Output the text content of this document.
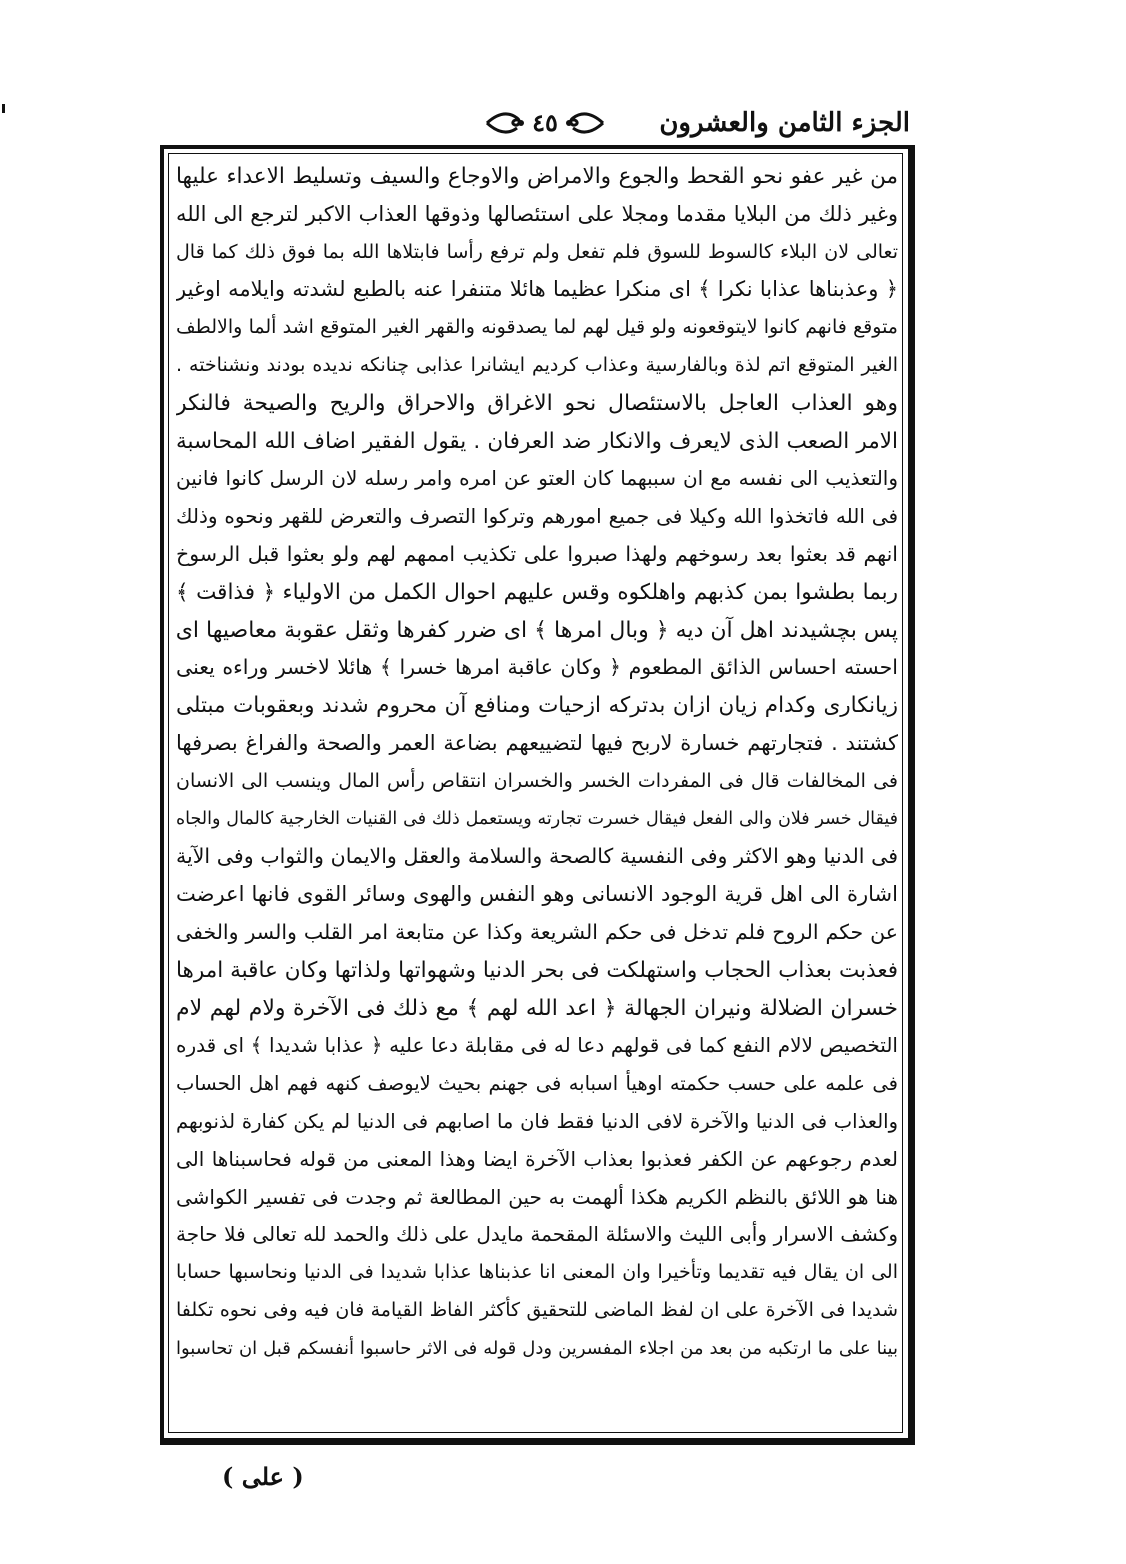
الجزء الثامن والعشرون
٤٥
من غير عفو نحو القحط والجوع والامراض والاوجاع والسيف وتسليط الاعداء عليها
وغير ذلك من البلايا مقدما ومجلا على استئصالها وذوقها العذاب الاكبر لترجع الى الله
تعالى لان البلاء كالسوط للسوق فلم تفعل ولم ترفع رأسا فابتلاها الله بما فوق ذلك كما قال
﴿ وعذبناها عذابا نكرا ﴾ اى منكرا عظيما هائلا متنفرا عنه بالطبع لشدته وايلامه اوغير
متوقع فانهم كانوا لايتوقعونه ولو قيل لهم لما يصدقونه والقهر الغير المتوقع اشد ألما والالطف
الغير المتوقع اتم لذة وبالفارسية وعذاب كرديم ايشانرا عذابى چنانكه نديده بودند ونشناخته .
وهو العذاب العاجل بالاستئصال نحو الاغراق والاحراق والريح والصيحة فالنكر
الامر الصعب الذى لايعرف والانكار ضد العرفان . يقول الفقير اضاف الله المحاسبة
والتعذيب الى نفسه مع ان سببهما كان العتو عن امره وامر رسله لان الرسل كانوا فانين
فى الله فاتخذوا الله وكيلا فى جميع امورهم وتركوا التصرف والتعرض للقهر ونحوه وذلك
انهم قد بعثوا بعد رسوخهم ولهذا صبروا على تكذيب اممهم لهم ولو بعثوا قبل الرسوخ
ربما بطشوا بمن كذبهم واهلكوه وقس عليهم احوال الكمل من الاولياء ﴿ فذاقت ﴾
پس بچشيدند اهل آن ديه ﴿ وبال امرها ﴾ اى ضرر كفرها وثقل عقوبة معاصيها اى
احسته احساس الذائق المطعوم ﴿ وكان عاقبة امرها خسرا ﴾ هائلا لاخسر وراءه يعنى
زيانكارى وكدام زيان ازان بدتركه ازحيات ومنافع آن محروم شدند وبعقوبات مبتلى
كشتند . فتجارتهم خسارة لاربح فيها لتضييعهم بضاعة العمر والصحة والفراغ بصرفها
فى المخالفات قال فى المفردات الخسر والخسران انتقاص رأس المال وينسب الى الانسان
فيقال خسر فلان والى الفعل فيقال خسرت تجارته ويستعمل ذلك فى القنيات الخارجية كالمال والجاه
فى الدنيا وهو الاكثر وفى النفسية كالصحة والسلامة والعقل والايمان والثواب وفى الآية
اشارة الى اهل قرية الوجود الانسانى وهو النفس والهوى وسائر القوى فانها اعرضت
عن حكم الروح فلم تدخل فى حكم الشريعة وكذا عن متابعة امر القلب والسر والخفى
فعذبت بعذاب الحجاب واستهلكت فى بحر الدنيا وشهواتها ولذاتها وكان عاقبة امرها
خسران الضلالة ونيران الجهالة ﴿ اعد الله لهم ﴾ مع ذلك فى الآخرة ولام لهم لام
التخصيص لالام النفع كما فى قولهم دعا له فى مقابلة دعا عليه ﴿ عذابا شديدا ﴾ اى قدره
فى علمه على حسب حكمته اوهيأ اسبابه فى جهنم بحيث لايوصف كنهه فهم اهل الحساب
والعذاب فى الدنيا والآخرة لافى الدنيا فقط فان ما اصابهم فى الدنيا لم يكن كفارة لذنوبهم
لعدم رجوعهم عن الكفر فعذبوا بعذاب الآخرة ايضا وهذا المعنى من قوله فحاسبناها الى
هنا هو اللائق بالنظم الكريم هكذا ألهمت به حين المطالعة ثم وجدت فى تفسير الكواشى
وكشف الاسرار وأبى الليث والاسئلة المقحمة مايدل على ذلك والحمد لله تعالى فلا حاجة
الى ان يقال فيه تقديما وتأخيرا وان المعنى انا عذبناها عذابا شديدا فى الدنيا ونحاسبها حسابا
شديدا فى الآخرة على ان لفظ الماضى للتحقيق كأكثر الفاظ القيامة فان فيه وفى نحوه تكلفا
بينا على ما ارتكبه من بعد من اجلاء المفسرين ودل قوله فى الاثر حاسبوا أنفسكم قبل ان تحاسبوا
( على )
